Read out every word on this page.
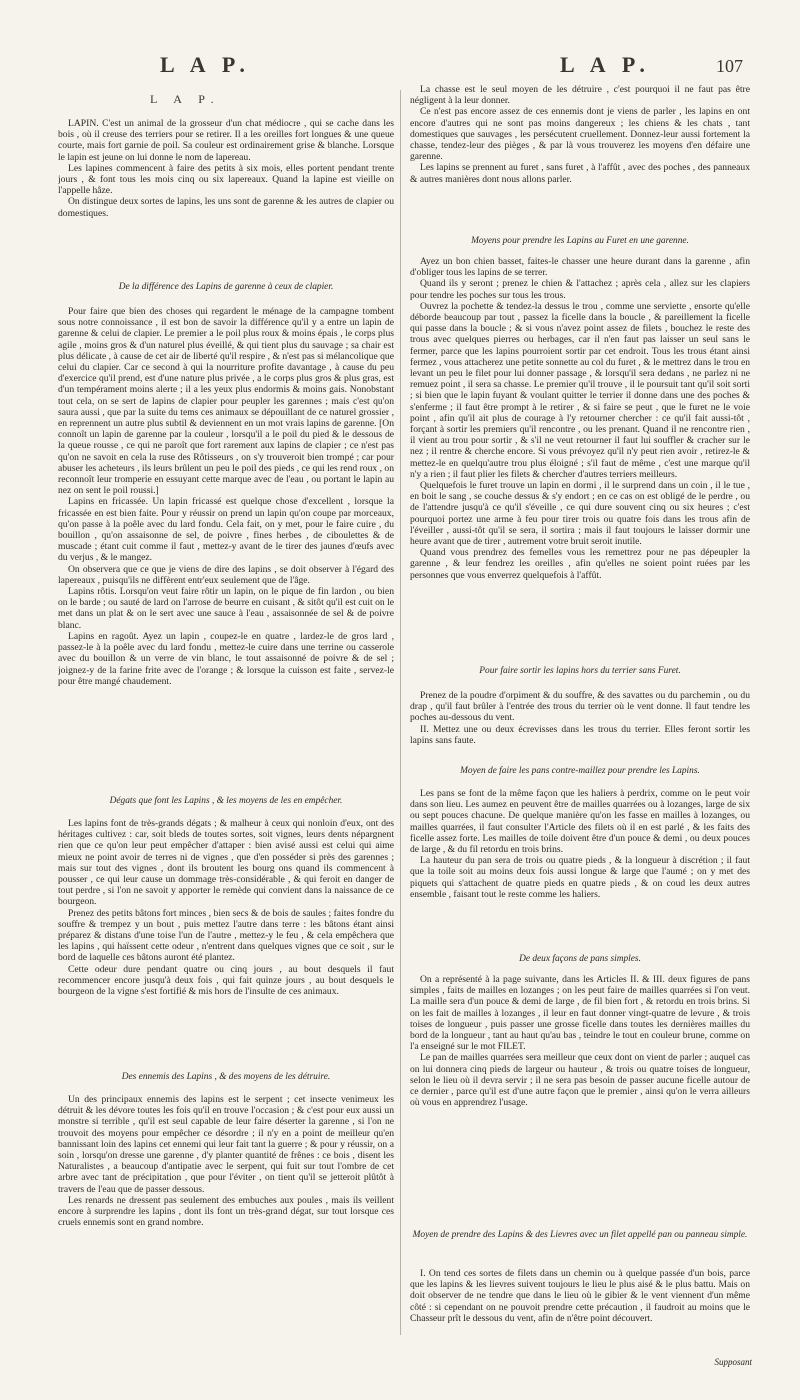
L A P.	L A P.	107
L A P.

LAPIN. C'est un animal de la grosseur d'un chat médiocre , qui se cache dans les bois , où il creuse des terriers pour se retirer. Il a les oreilles fort longues & une queue courte, mais fort garnie de poil. Sa couleur est ordinairement grise & blanche. Lorsque le lapin est jeune on lui donne le nom de lapereau.

Les lapines commencent à faire des petits à six mois, elles portent pendant trente jours , & font tous les mois cinq ou six lapereaux. Quand la lapine est vieille on l'appelle hâze.

On distingue deux sortes de lapins, les uns sont de garenne & les autres de clapier ou domestiques.

De la différence des Lapins de garenne à ceux de clapier.

Pour faire que bien des choses qui regardent le ménage de la campagne tombent sous notre connoissance , il est bon de savoir la différence qu'il y a entre un lapin de garenne & celui de clapier. Le premier a le poil plus roux & moins épais , le corps plus agile , moins gros & d'un naturel plus éveillé, & qui tient plus du sauvage ; sa chair est plus délicate , à cause de cet air de liberté qu'il respire , & n'est pas si mélancolique que celui du clapier. Car ce second à qui la nourriture profite davantage , à cause du peu d'exercice qu'il prend, est d'une nature plus privée , a le corps plus gros & plus gras, est d'un tempérament moins alerte ; il a les yeux plus endormis & moins gais. Nonobstant tout cela, on se sert de lapins de clapier pour peupler les garennes ; mais c'est qu'on saura aussi , que par la suite du tems ces animaux se dépouillant de ce naturel grossier , en reprennent un autre plus subtil & deviennent en un mot vrais lapins de garenne. [On connoît un lapin de garenne par la couleur , lorsqu'il a le poil du pied & le dessous de la queue rousse , ce qui ne paroît que fort rarement aux lapins de clapier ; ce n'est pas qu'on ne savoit en cela la ruse des Rôtisseurs , on s'y trouveroit bien trompé ; car pour abuser les acheteurs , ils leurs brûlent un peu le poil des pieds , ce qui les rend roux , on reconnoît leur tromperie en essuyant cette marque avec de l'eau , ou portant le lapin au nez on sent le poil roussi.]

Lapins en fricassée. Un lapin fricassé est quelque chose d'excellent , lorsque la fricassée en est bien faite. Pour y réussir on prend un lapin qu'on coupe par morceaux, qu'on passe à la poêle avec du lard fondu. Cela fait, on y met, pour le faire cuire , du bouillon , qu'on assaisonne de sel, de poivre , fines herbes , de ciboulettes & de muscade ; étant cuit comme il faut , mettez-y avant de le tirer des jaunes d'œufs avec du verjus , & le mangez.

On observera que ce que je viens de dire des lapins , se doit observer à l'égard des lapereaux , puisqu'ils ne diffèrent entr'eux seulement que de l'âge.

Lapins rôtis. Lorsqu'on veut faire rôtir un lapin, on le pique de fin lardon , ou bien on le barde ; ou sauté de lard on l'arrose de beurre en cuisant , & sitôt qu'il est cuit on le met dans un plat & on le sert avec une sauce à l'eau , assaisonnée de sel & de poivre blanc.

Lapins en ragoût. Ayez un lapin , coupez-le en quatre , lardez-le de gros lard , passez-le à la poêle avec du lard fondu , mettez-le cuire dans une terrine ou casserole avec du bouillon & un verre de vin blanc, le tout assaisonné de poivre & de sel ; joignez-y de la farine frite avec de l'orange ; & lorsque la cuisson est faite , servez-le pour être mangé chaudement.

Dégats que font les Lapins , & les moyens de les en empêcher.

Les lapins font de très-grands dégats ; & malheur à ceux qui nonloin d'eux, ont des héritages cultivez : car, soit bleds de toutes sortes, soit vignes, leurs dents népargnent rien que ce qu'on leur peut empêcher d'attaper : bien avisé aussi est celui qui aime mieux ne point avoir de terres ni de vignes , que d'en posséder si près des garennes ; mais sur tout des vignes , dont ils broutent les bourg ons quand ils commencent à pousser , ce qui leur cause un dommage très-considérable , & qui feroit en danger de tout perdre , si l'on ne savoit y apporter le remède qui convient dans la naissance de ce bourgeon.

Prenez des petits bâtons fort minces , bien secs & de bois de saules ; faites fondre du souffre & trempez y un bout , puis mettez l'autre dans terre : les bâtons étant ainsi préparez & distans d'une toise l'un de l'autre , mettez-y le feu , & cela empêchera que les lapins , qui haïssent cette odeur , n'entrent dans quelques vignes que ce soit , sur le bord de laquelle ces bâtons auront été plantez.

Cette odeur dure pendant quatre ou cinq jours , au bout desquels il faut recommencer encore jusqu'à deux fois , qui fait quinze jours , au bout desquels le bourgeon de la vigne s'est fortifié & mis hors de l'insulte de ces animaux.

Des ennemis des Lapins , & des moyens de les détruire.

Un des principaux ennemis des lapins est le serpent ; cet insecte venimeux les détruit & les dévore toutes les fois qu'il en trouve l'occasion ; & c'est pour eux aussi un monstre si terrible , qu'il est seul capable de leur faire déserter la garenne , si l'on ne trouvoit des moyens pour empêcher ce désordre ; il n'y en a point de meilleur qu'en bannissant loin des lapins cet ennemi qui leur fait tant la guerre ; & pour y réussir, on a soin , lorsqu'on dresse une garenne , d'y planter quantité de frênes : ce bois , disent les Naturalistes , a beaucoup d'antipatie avec le serpent, qui fuit sur tout l'ombre de cet arbre avec tant de précipitation , que pour l'éviter , on tient qu'il se jetteroit plûtôt à travers de l'eau que de passer dessous.

Les renards ne dressent pas seulement des embuches aux poules , mais ils veillent encore à surprendre les lapins , dont ils font un très-grand dégat, sur tout lorsque ces cruels ennemis sont en grand nombre.

La chasse est le seul moyen de les détruire , c'est pourquoi il ne faut pas être négligent à la leur donner.

Ce n'est pas encore assez de ces ennemis dont je viens de parler , les lapins en ont encore d'autres qui ne sont pas moins dangereux ; les chiens & les chats , tant domestiques que sauvages , les persécutent cruellement. Donnez-leur aussi fortement la chasse, tendez-leur des pièges , & par là vous trouverez les moyens d'en défaire une garenne.

Les lapins se prennent au furet , sans furet , à l'affût , avec des poches , des panneaux & autres manières dont nous allons parler.

Moyens pour prendre les Lapins au Furet en une garenne.

Ayez un bon chien basset, faites-le chasser une heure durant dans la garenne , afin d'obliger tous les lapins de se terrer.

Quand ils y seront ; prenez le chien & l'attachez ; après cela , allez sur les clapiers pour tendre les poches sur tous les trous.

Ouvrez la pochette & tendez-la dessus le trou , comme une serviette , ensorte qu'elle déborde beaucoup par tout , passez la ficelle dans la boucle , & pareillement la ficelle qui passe dans la boucle ; & si vous n'avez point assez de filets , bouchez le reste des trous avec quelques pierres ou herbages, car il n'en faut pas laisser un seul sans le fermer, parce que les lapins pourroient sortir par cet endroit. Tous les trous étant ainsi fermez , vous attacherez une petite sonnette au col du furet , & le mettrez dans le trou en levant un peu le filet pour lui donner passage , & lorsqu'il sera dedans , ne parlez ni ne remuez point , il sera sa chasse. Le premier qu'il trouve , il le poursuit tant qu'il soit sorti ; si bien que le lapin fuyant & voulant quitter le terrier il donne dans une des poches & s'enferme ; il faut être prompt à le retirer , & si faire se peut , que le furet ne le voie point , afin qu'il ait plus de courage à l'y retourner chercher : ce qu'il fait aussi-tôt , forçant à sortir les premiers qu'il rencontre , ou les prenant. Quand il ne rencontre rien , il vient au trou pour sortir , & s'il ne veut retourner il faut lui souffler & cracher sur le nez ; il rentre & cherche encore. Si vous prévoyez qu'il n'y peut rien avoir , retirez-le & mettez-le en quelqu'autre trou plus éloigné ; s'il faut de même , c'est une marque qu'il n'y a rien ; il faut plier les filets & chercher d'autres terriers meilleurs.

Quelquefois le furet trouve un lapin en dormi , il le surprend dans un coin , il le tue , en boit le sang , se couche dessus & s'y endort ; en ce cas on est obligé de le perdre , ou de l'attendre jusqu'à ce qu'il s'éveille , ce qui dure souvent cinq ou six heures ; c'est pourquoi portez une arme à feu pour tirer trois ou quatre fois dans les trous afin de l'éveiller , aussi-tôt qu'il se sera, il sortira ; mais il faut toujours le laisser dormir une heure avant que de tirer , autrement votre bruit seroit inutile.

Quand vous prendrez des femelles vous les remettrez pour ne pas dépeupler la garenne , & leur fendrez les oreilles , afin qu'elles ne soient point ruées par les personnes que vous enverrez quelquefois à l'affût.

Pour faire sortir les lapins hors du terrier sans Furet.

Prenez de la poudre d'orpiment & du souffre, & des savattes ou du parchemin , ou du drap , qu'il faut brûler à l'entrée des trous du terrier où le vent donne. Il faut tendre les poches au-dessous du vent.

II. Mettez une ou deux écrevisses dans les trous du terrier. Elles feront sortir les lapins sans faute.

Moyen de faire les pans contre-maillez pour prendre les Lapins.

Les pans se font de la même façon que les haliers à perdrix, comme on le peut voir dans son lieu. Les aumez en peuvent être de mailles quarrées ou à lozanges, large de six ou sept pouces chacune. De quelque manière qu'on les fasse en mailles à lozanges, ou mailles quarrées, il faut consulter l'Article des filets où il en est parlé , & les faits des ficelle assez forte. Les mailles de toile doivent être d'un pouce & demi , ou deux pouces de large , & du fil retordu en trois brins.

La hauteur du pan sera de trois ou quatre pieds , & la longueur à discrétion ; il faut que la toile soit au moins deux fois aussi longue & large que l'aumé ; on y met des piquets qui s'attachent de quatre pieds en quatre pieds , & on coud les deux autres ensemble , faisant tout le reste comme les haliers.

De deux façons de pans simples.

On a représenté à la page suivante, dans les Articles II. & III. deux figures de pans simples , faits de mailles en lozanges ; on les peut faire de mailles quarrées si l'on veut. La maille sera d'un pouce & demi de large , de fil bien fort , & retordu en trois brins. Si on les fait de mailles à lozanges , il leur en faut donner vingt-quatre de levure , & trois toises de longueur , puis passer une grosse ficelle dans toutes les dernières mailles du bord de la longueur , tant au haut qu'au bas , teindre le tout en couleur brune, comme on l'a enseigné sur le mot FILET.

Le pan de mailles quarrées sera meilleur que ceux dont on vient de parler ; auquel cas on lui donnera cinq pieds de largeur ou hauteur , & trois ou quatre toises de longueur, selon le lieu où il devra servir ; il ne sera pas besoin de passer aucune ficelle autour de ce dernier , parce qu'il est d'une autre façon que le premier , ainsi qu'on le verra ailleurs où vous en apprendrez l'usage.

Moyen de prendre des Lapins & des Lievres avec un filet appellé pan ou panneau simple.

I. On tend ces sortes de filets dans un chemin ou à quelque passée d'un bois, parce que les lapins & les lievres suivent toujours le lieu le plus aisé & le plus battu. Mais on doit observer de ne tendre que dans le lieu où le gibier & le vent viennent d'un même côté : si cependant on ne pouvoit prendre cette précaution , il faudroit au moins que le Chasseur prît le dessous du vent, afin de n'être point découvert.

Supposant
